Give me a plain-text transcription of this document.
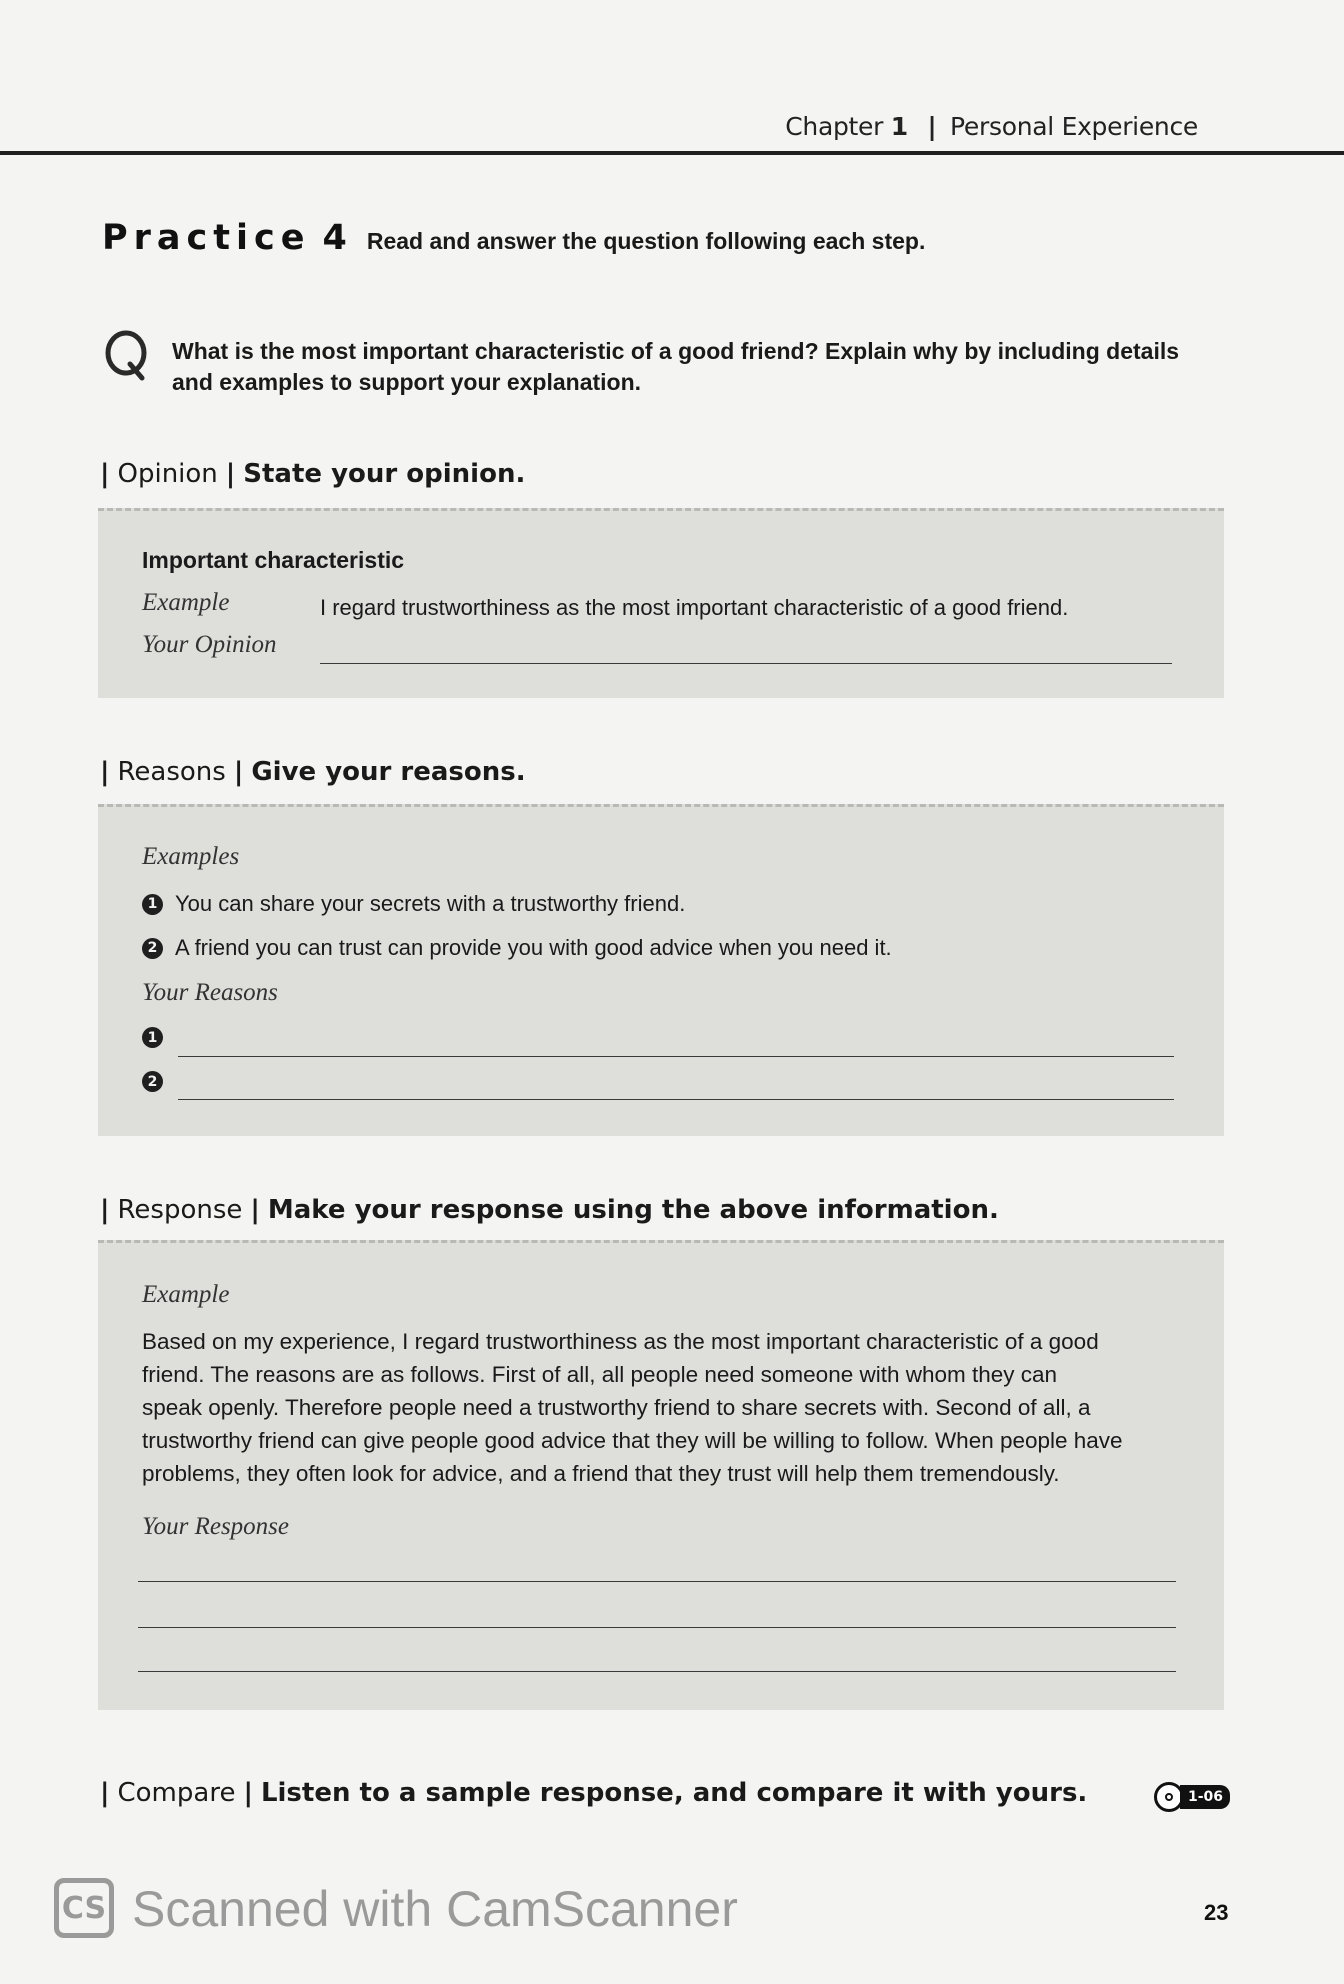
Chapter 1 | Personal Experience
Practice 4 Read and answer the question following each step.
What is the most important characteristic of a good friend? Explain why by including details
and examples to support your explanation.
| Opinion | State your opinion.
Important characteristic
Example	I regard trustworthiness as the most important characteristic of a good friend.
Your Opinion
| Reasons | Give your reasons.
Examples
1 You can share your secrets with a trustworthy friend.
2 A friend you can trust can provide you with good advice when you need it.
Your Reasons
1
2
| Response | Make your response using the above information.
Example
Based on my experience, I regard trustworthiness as the most important characteristic of a good
friend. The reasons are as follows. First of all, all people need someone with whom they can
speak openly. Therefore people need a trustworthy friend to share secrets with. Second of all, a
trustworthy friend can give people good advice that they will be willing to follow. When people have
problems, they often look for advice, and a friend that they trust will help them tremendously.
Your Response
| Compare | Listen to a sample response, and compare it with yours.	1-06
CS Scanned with CamScanner	23
